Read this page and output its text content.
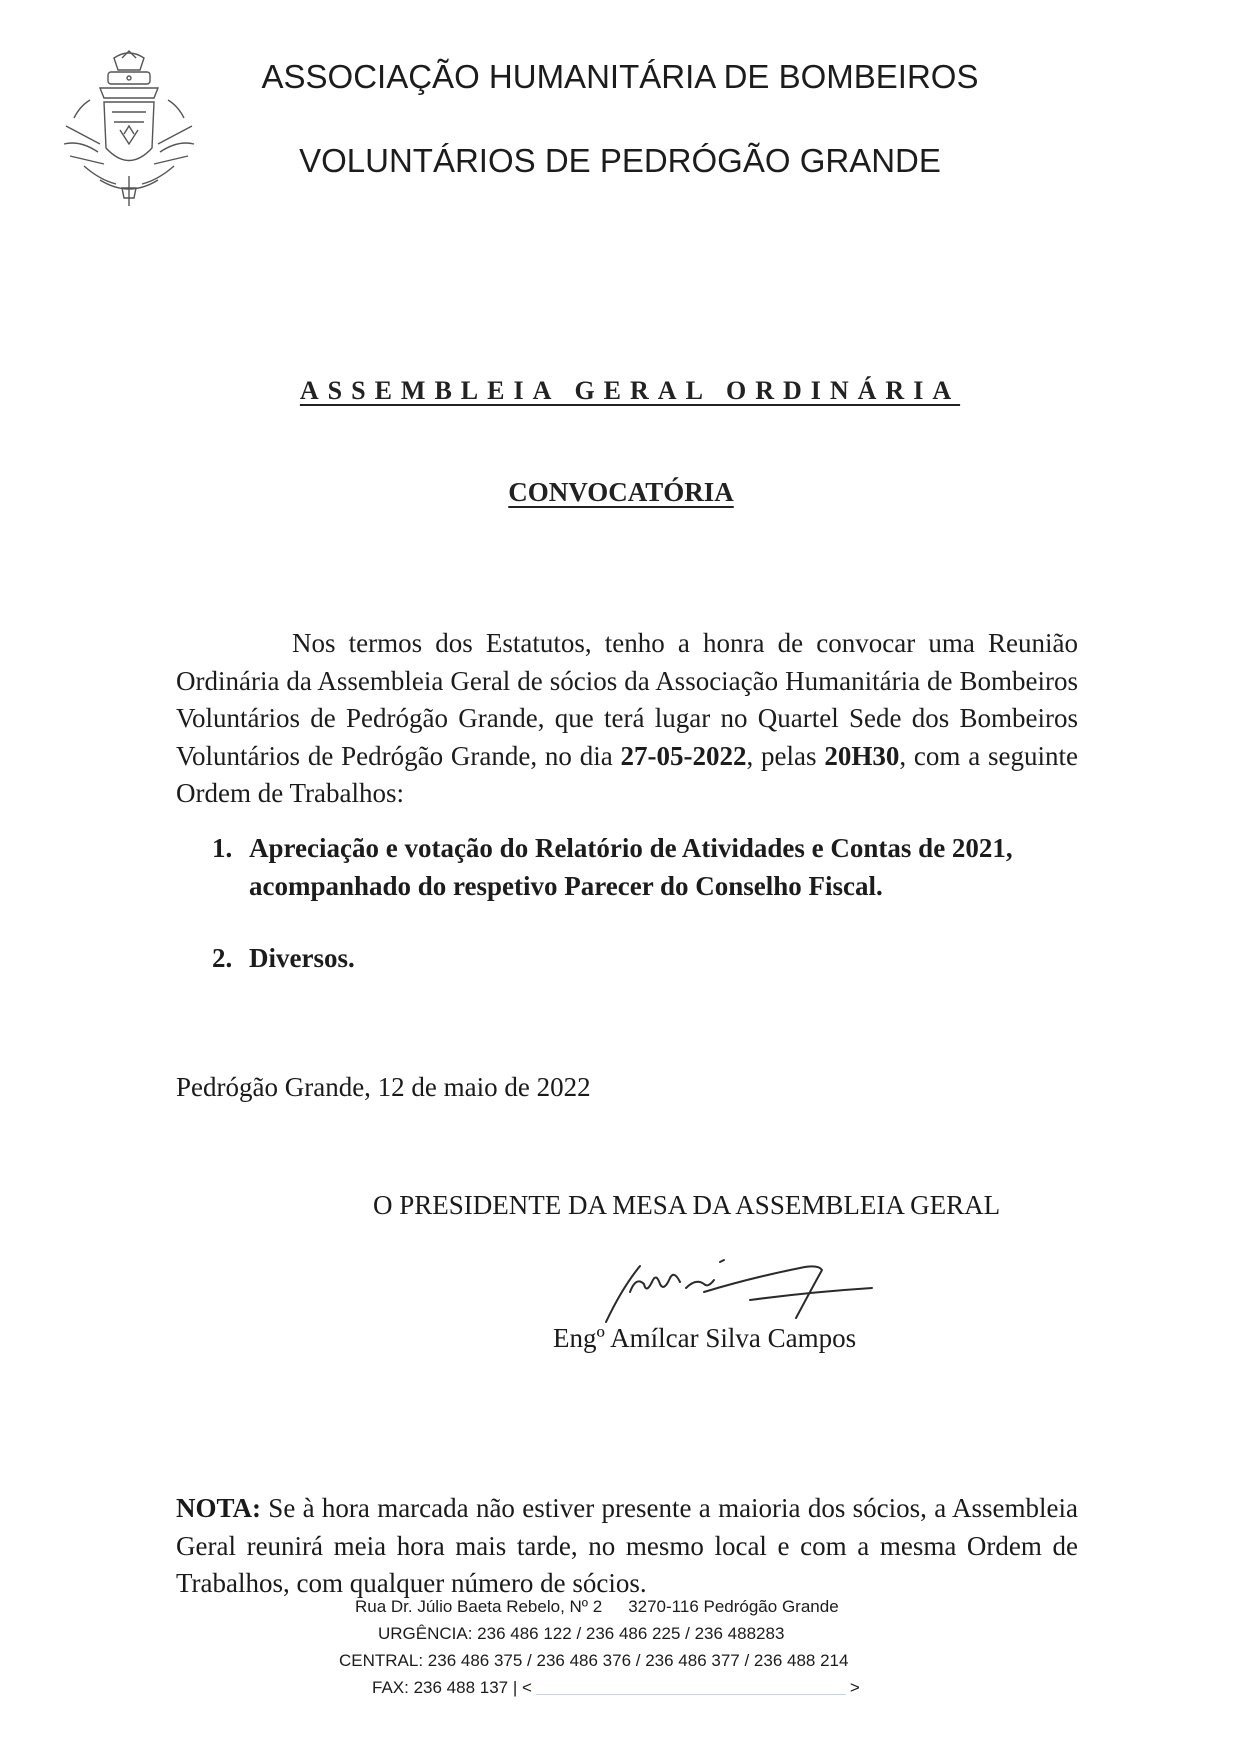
ASSOCIAÇÃO HUMANITÁRIA DE BOMBEIROS
VOLUNTÁRIOS DE PEDRÓGÃO GRANDE
ASSEMBLEIA GERAL ORDINÁRIA
CONVOCATÓRIA
Nos termos dos Estatutos, tenho a honra de convocar uma Reunião Ordinária da Assembleia Geral de sócios da Associação Humanitária de Bombeiros Voluntários de Pedrógão Grande, que terá lugar no Quartel Sede dos Bombeiros Voluntários de Pedrógão Grande, no dia 27-05-2022, pelas 20H30, com a seguinte Ordem de Trabalhos:
1. Apreciação e votação do Relatório de Atividades e Contas de 2021, acompanhado do respetivo Parecer do Conselho Fiscal.
2. Diversos.
Pedrógão Grande, 12 de maio de 2022
O PRESIDENTE DA MESA DA ASSEMBLEIA GERAL
Engº Amílcar Silva Campos
NOTA: Se à hora marcada não estiver presente a maioria dos sócios, a Assembleia Geral reunirá meia hora mais tarde, no mesmo local e com a mesma Ordem de Trabalhos, com qualquer número de sócios.
Rua Dr. Júlio Baeta Rebelo, Nº 2 3270-116 Pedrógão Grande
URGÊNCIA: 236 486 122 / 236 486 225 / 236 488283
CENTRAL: 236 486 375 / 236 486 376 / 236 486 377 / 236 488 214
FAX: 236 488 137 | <	>
